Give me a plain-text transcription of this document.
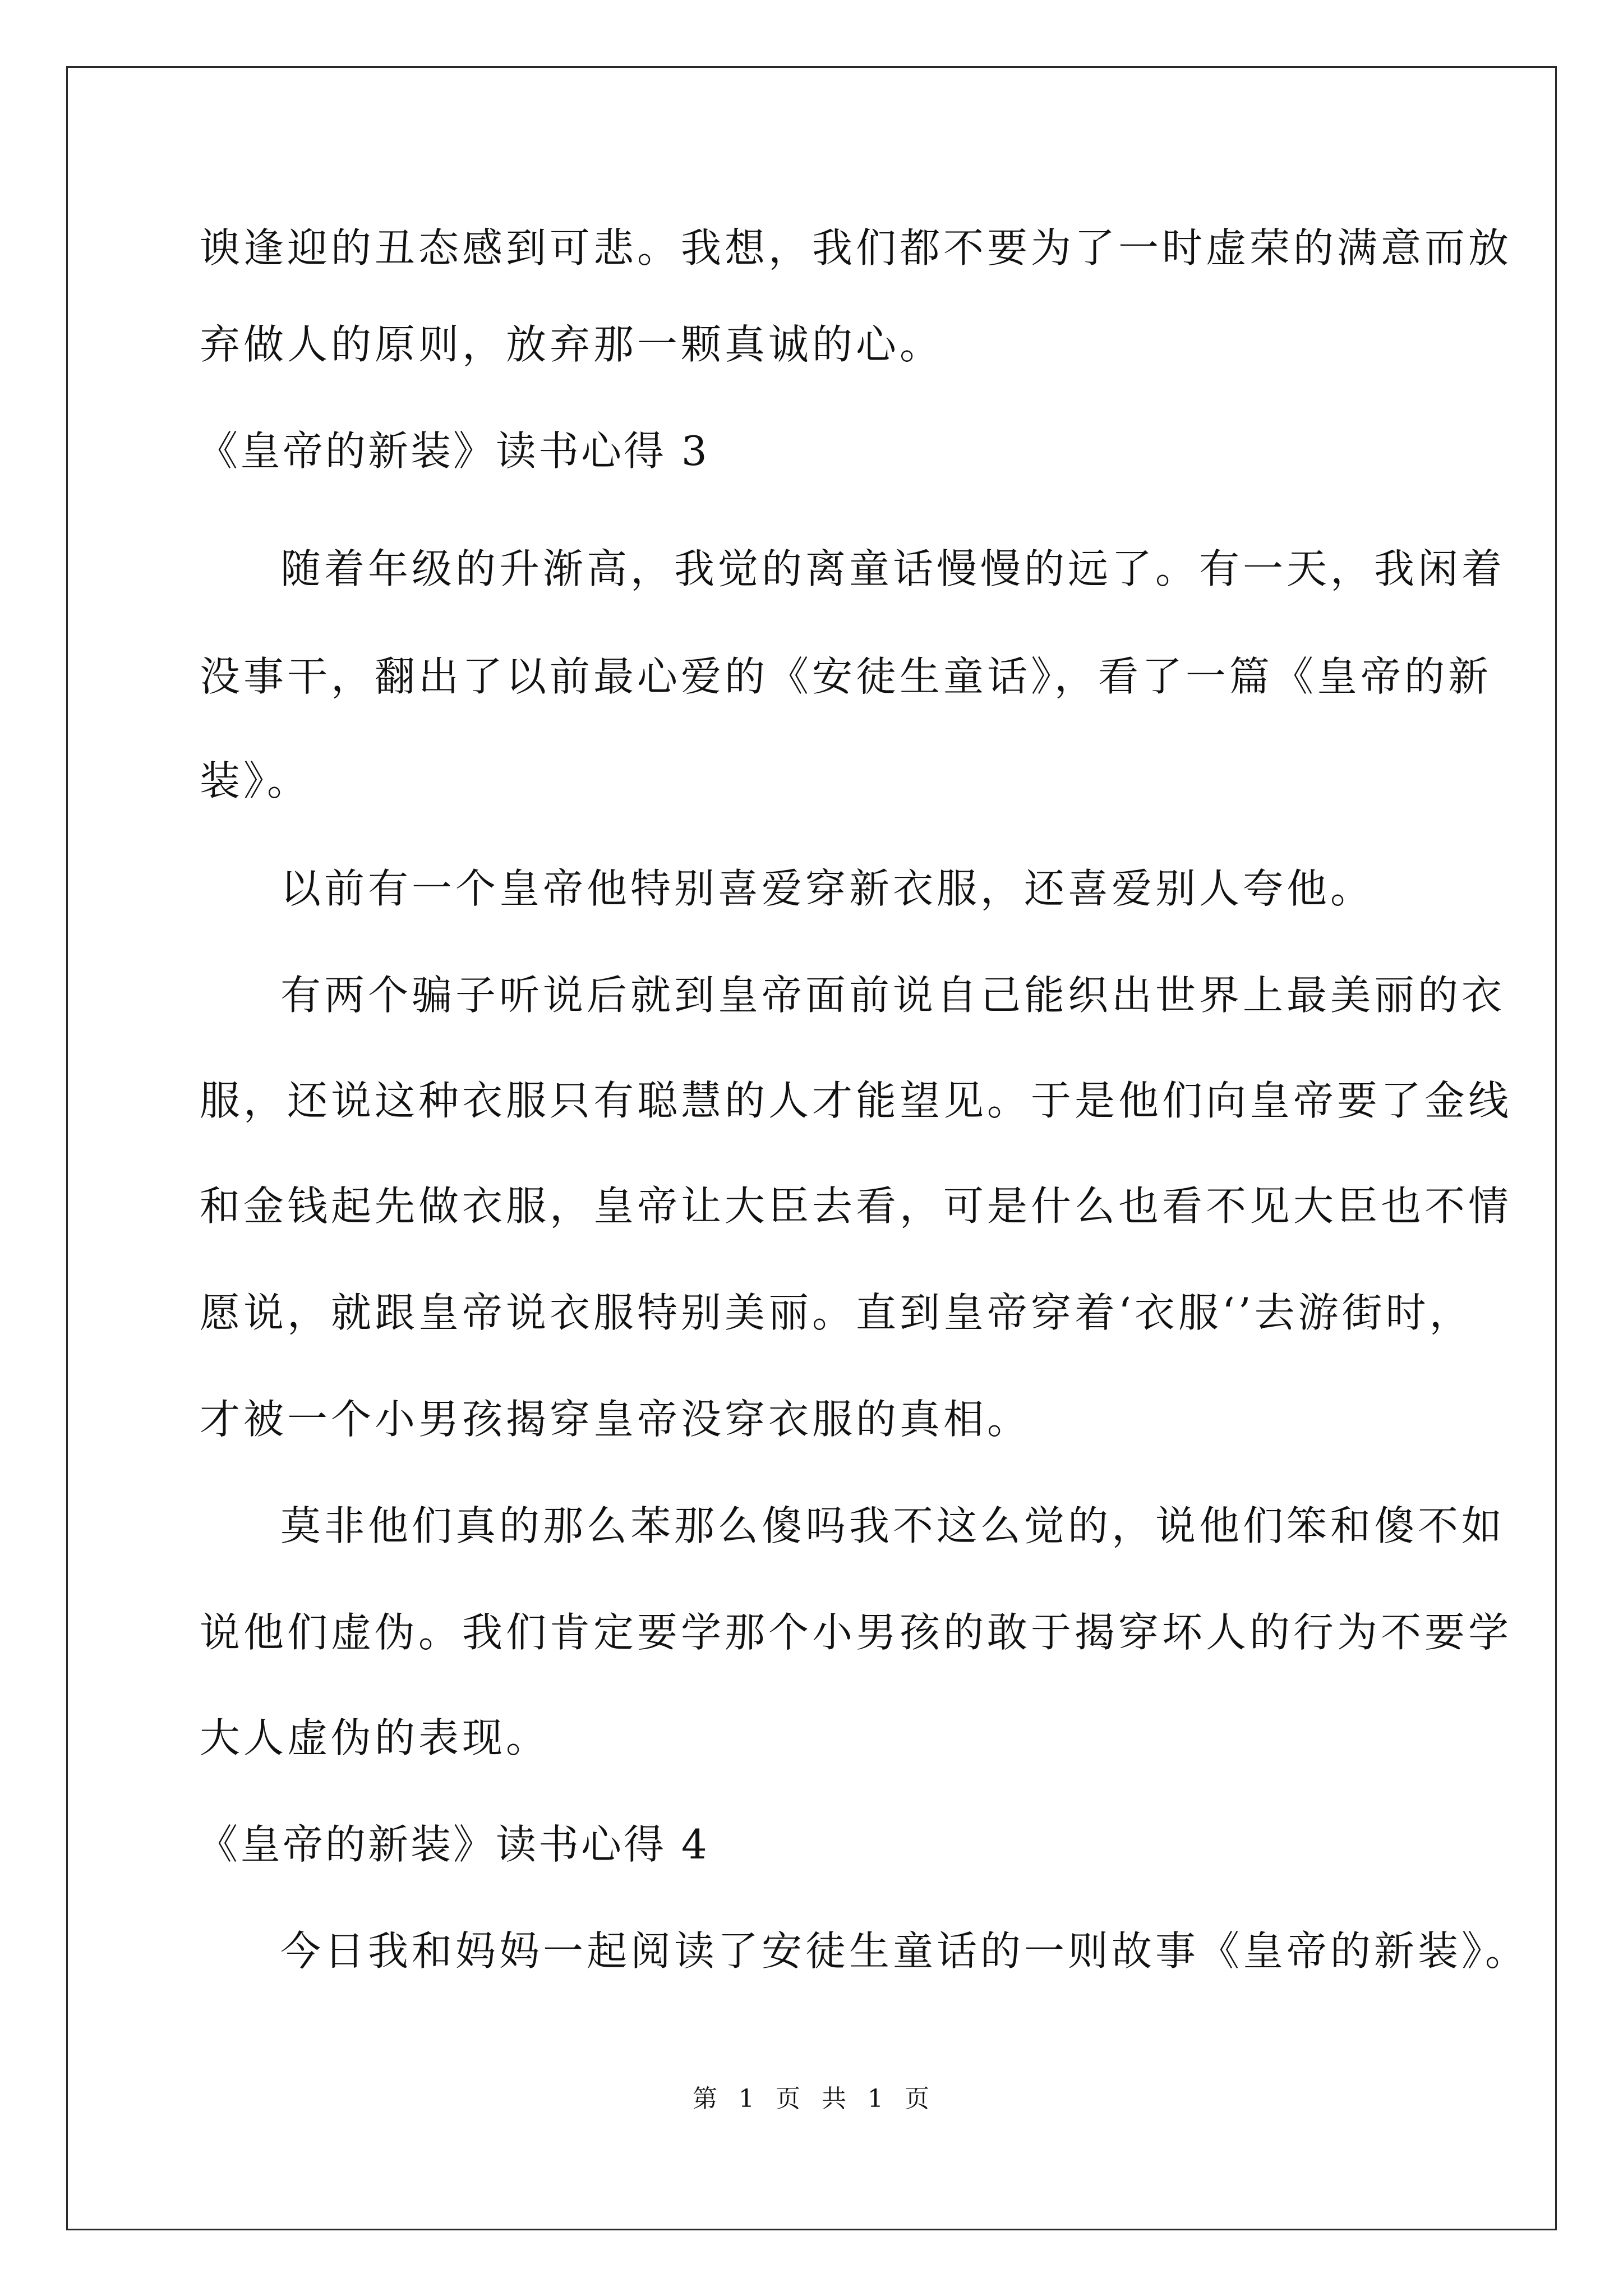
谀逢迎的丑态感到可悲。我想，我们都不要为了一时虚荣的满意而放
弃做人的原则，放弃那一颗真诚的心。
《皇帝的新装》读书心得 3
随着年级的升渐高，我觉的离童话慢慢的远了。有一天，我闲着
没事干，翻出了以前最心爱的《安徒生童话》，看了一篇《皇帝的新
装》。
以前有一个皇帝他特别喜爱穿新衣服，还喜爱别人夸他。
有两个骗子听说后就到皇帝面前说自己能织出世界上最美丽的衣
服，还说这种衣服只有聪慧的人才能望见。于是他们向皇帝要了金线
和金钱起先做衣服，皇帝让大臣去看，可是什么也看不见大臣也不情
愿说，就跟皇帝说衣服特别美丽。直到皇帝穿着‘衣服‘’去游街时，
才被一个小男孩揭穿皇帝没穿衣服的真相。
莫非他们真的那么苯那么傻吗我不这么觉的，说他们笨和傻不如
说他们虚伪。我们肯定要学那个小男孩的敢于揭穿坏人的行为不要学
大人虚伪的表现。
《皇帝的新装》读书心得 4
今日我和妈妈一起阅读了安徒生童话的一则故事《皇帝的新装》。
第 1 页 共 1 页
